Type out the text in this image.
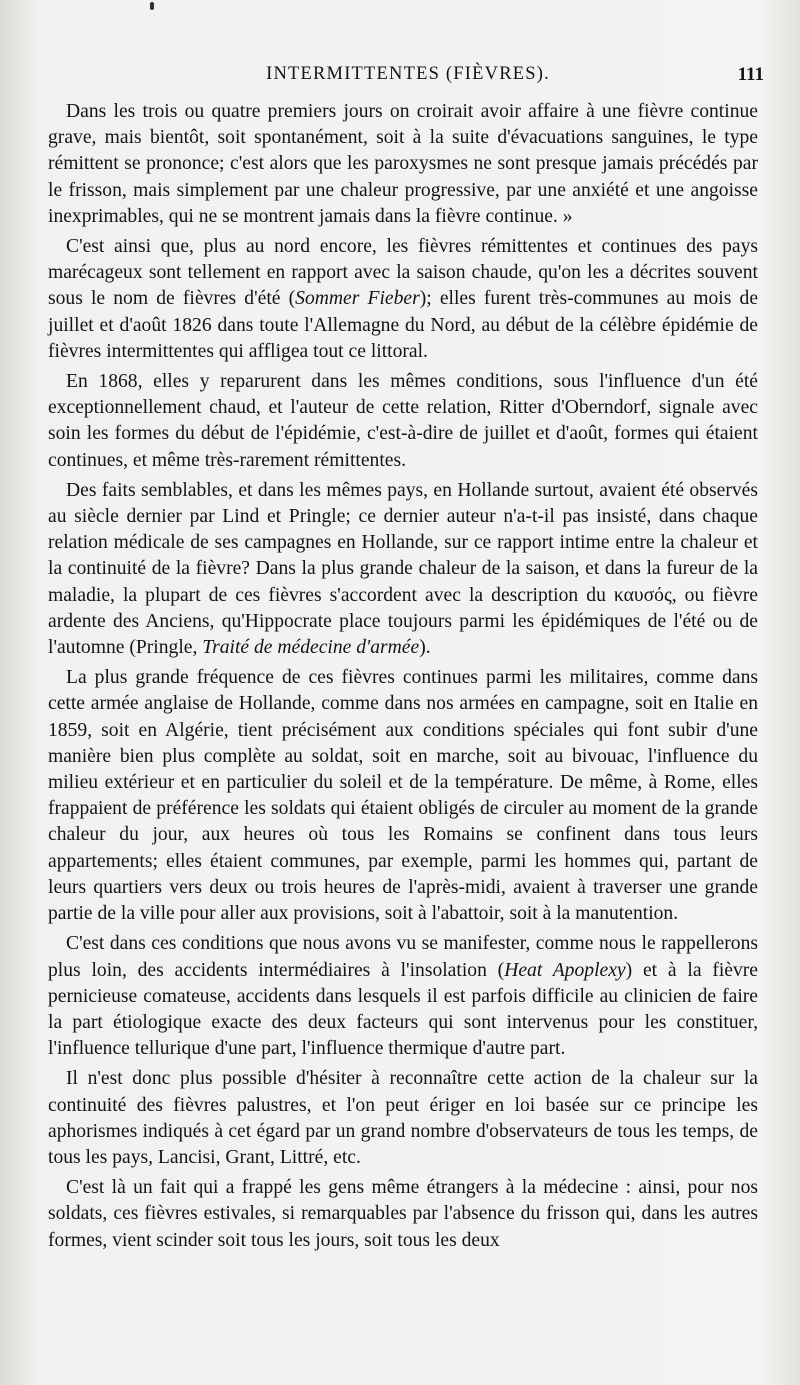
INTERMITTENTES (FIÈVRES).	111

Dans les trois ou quatre premiers jours on croirait avoir affaire à une fièvre continue grave, mais bientôt, soit spontanément, soit à la suite d'évacuations sanguines, le type rémittent se prononce; c'est alors que les paroxysmes ne sont presque jamais précédés par le frisson, mais simplement par une chaleur progressive, par une anxiété et une angoisse inexprimables, qui ne se montrent jamais dans la fièvre continue. »

C'est ainsi que, plus au nord encore, les fièvres rémittentes et continues des pays marécageux sont tellement en rapport avec la saison chaude, qu'on les a décrites souvent sous le nom de fièvres d'été (Sommer Fieber); elles furent très-communes au mois de juillet et d'août 1826 dans toute l'Allemagne du Nord, au début de la célèbre épidémie de fièvres intermittentes qui affligea tout ce littoral.

En 1868, elles y reparurent dans les mêmes conditions, sous l'influence d'un été exceptionnellement chaud, et l'auteur de cette relation, Ritter d'Oberndorf, signale avec soin les formes du début de l'épidémie, c'est-à-dire de juillet et d'août, formes qui étaient continues, et même très-rarement rémittentes.

Des faits semblables, et dans les mêmes pays, en Hollande surtout, avaient été observés au siècle dernier par Lind et Pringle; ce dernier auteur n'a-t-il pas insisté, dans chaque relation médicale de ses campagnes en Hollande, sur ce rapport intime entre la chaleur et la continuité de la fièvre? Dans la plus grande chaleur de la saison, et dans la fureur de la maladie, la plupart de ces fièvres s'accordent avec la description du καυσός, ou fièvre ardente des Anciens, qu'Hippocrate place toujours parmi les épidémiques de l'été ou de l'automne (Pringle, Traité de médecine d'armée).

La plus grande fréquence de ces fièvres continues parmi les militaires, comme dans cette armée anglaise de Hollande, comme dans nos armées en campagne, soit en Italie en 1859, soit en Algérie, tient précisément aux conditions spéciales qui font subir d'une manière bien plus complète au soldat, soit en marche, soit au bivouac, l'influence du milieu extérieur et en particulier du soleil et de la température. De même, à Rome, elles frappaient de préférence les soldats qui étaient obligés de circuler au moment de la grande chaleur du jour, aux heures où tous les Romains se confinent dans tous leurs appartements; elles étaient communes, par exemple, parmi les hommes qui, partant de leurs quartiers vers deux ou trois heures de l'après-midi, avaient à traverser une grande partie de la ville pour aller aux provisions, soit à l'abattoir, soit à la manutention.

C'est dans ces conditions que nous avons vu se manifester, comme nous le rappellerons plus loin, des accidents intermédiaires à l'insolation (Heat Apoplexy) et à la fièvre pernicieuse comateuse, accidents dans lesquels il est parfois difficile au clinicien de faire la part étiologique exacte des deux facteurs qui sont intervenus pour les constituer, l'influence tellurique d'une part, l'influence thermique d'autre part.

Il n'est donc plus possible d'hésiter à reconnaître cette action de la chaleur sur la continuité des fièvres palustres, et l'on peut ériger en loi basée sur ce principe les aphorismes indiqués à cet égard par un grand nombre d'observateurs de tous les temps, de tous les pays, Lancisi, Grant, Littré, etc.

C'est là un fait qui a frappé les gens même étrangers à la médecine : ainsi, pour nos soldats, ces fièvres estivales, si remarquables par l'absence du frisson qui, dans les autres formes, vient scinder soit tous les jours, soit tous les deux
